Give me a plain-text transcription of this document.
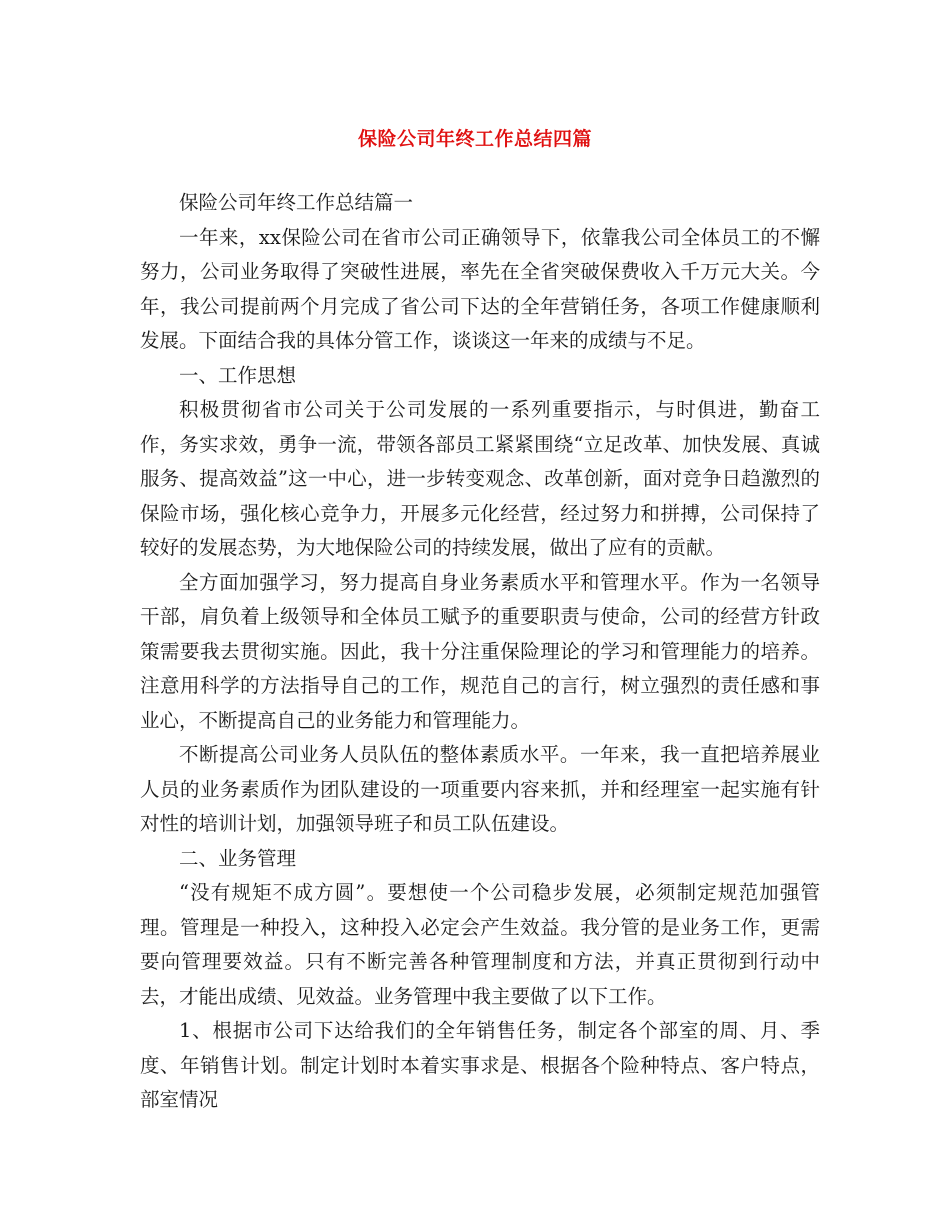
保险公司年终工作总结四篇

保险公司年终工作总结篇一

一年来，xx保险公司在省市公司正确领导下，依靠我公司全体员工的不懈努力，公司业务取得了突破性进展，率先在全省突破保费收入千万元大关。今年，我公司提前两个月完成了省公司下达的全年营销任务，各项工作健康顺利发展。下面结合我的具体分管工作，谈谈这一年来的成绩与不足。

一、工作思想

积极贯彻省市公司关于公司发展的一系列重要指示，与时俱进，勤奋工作，务实求效，勇争一流，带领各部员工紧紧围绕“立足改革、加快发展、真诚服务、提高效益”这一中心，进一步转变观念、改革创新，面对竞争日趋激烈的保险市场，强化核心竞争力，开展多元化经营，经过努力和拼搏，公司保持了较好的发展态势，为大地保险公司的持续发展，做出了应有的贡献。

全方面加强学习，努力提高自身业务素质水平和管理水平。作为一名领导干部，肩负着上级领导和全体员工赋予的重要职责与使命，公司的经营方针政策需要我去贯彻实施。因此，我十分注重保险理论的学习和管理能力的培养。注意用科学的方法指导自己的工作，规范自己的言行，树立强烈的责任感和事业心，不断提高自己的业务能力和管理能力。

不断提高公司业务人员队伍的整体素质水平。一年来，我一直把培养展业人员的业务素质作为团队建设的一项重要内容来抓，并和经理室一起实施有针对性的培训计划，加强领导班子和员工队伍建设。

二、业务管理

“没有规矩不成方圆”。要想使一个公司稳步发展，必须制定规范加强管理。管理是一种投入，这种投入必定会产生效益。我分管的是业务工作，更需要向管理要效益。只有不断完善各种管理制度和方法，并真正贯彻到行动中去，才能出成绩、见效益。业务管理中我主要做了以下工作。

1、根据市公司下达给我们的全年销售任务，制定各个部室的周、月、季度、年销售计划。制定计划时本着实事求是、根据各个险种特点、客户特点，部室情况
